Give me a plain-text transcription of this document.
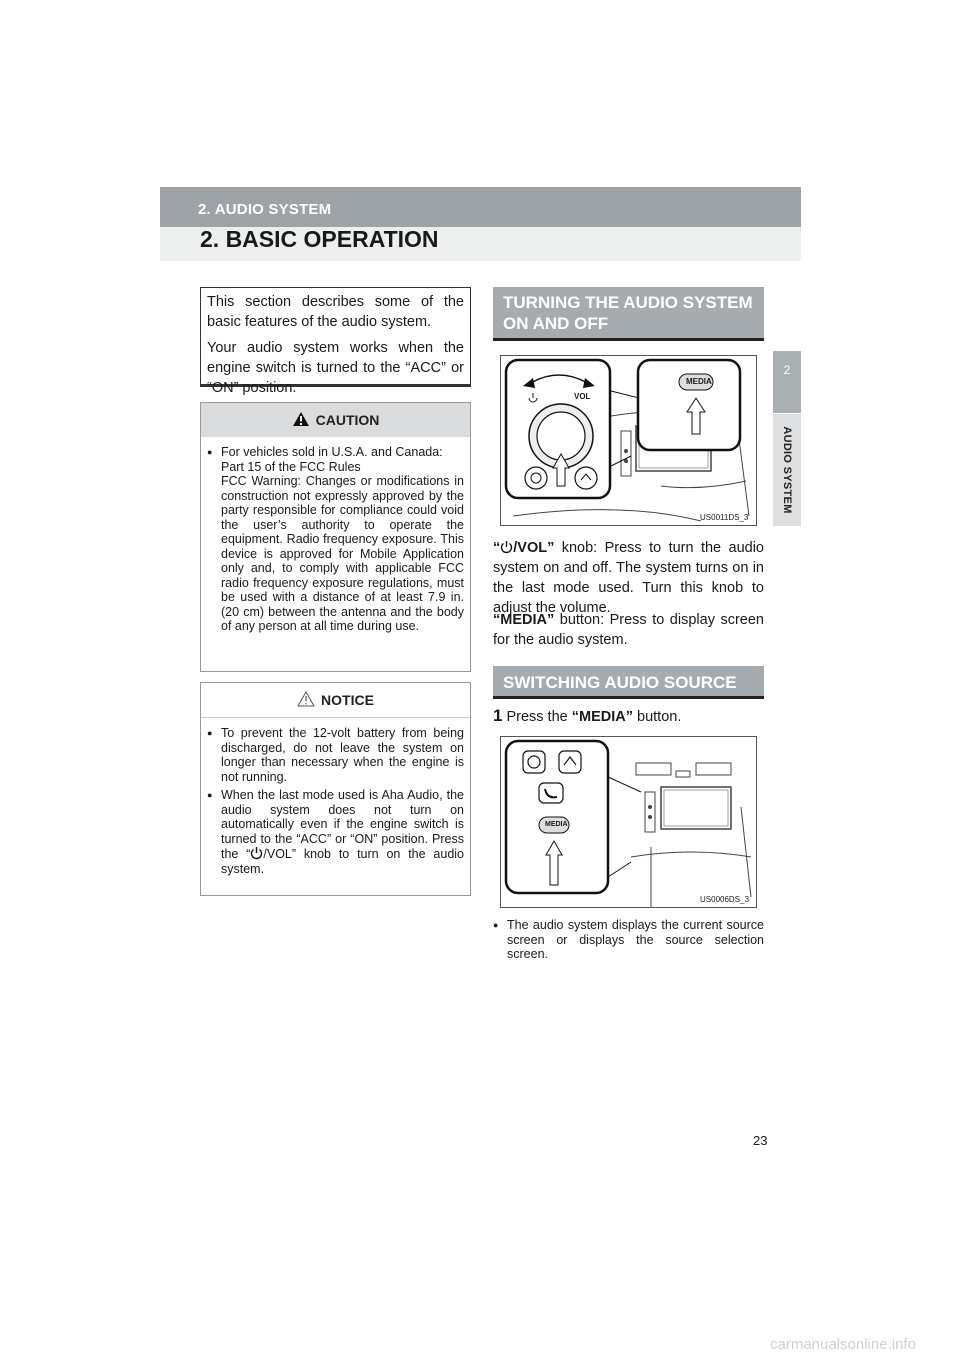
2. AUDIO SYSTEM
2. BASIC OPERATION
2
AUDIO SYSTEM

This section describes some of the basic features of the audio system.

Your audio system works when the engine switch is turned to the “ACC” or “ON” position.

CAUTION
● For vehicles sold in U.S.A. and Canada:
Part 15 of the FCC Rules
FCC Warning: Changes or modifications in construction not expressly approved by the party responsible for compliance could void the user’s authority to operate the equipment. Radio frequency exposure. This device is approved for Mobile Application only and, to comply with applicable FCC radio frequency exposure regulations, must be used with a distance of at least 7.9 in. (20 cm) between the antenna and the body of any person at all time during use.
NOTICE
● To prevent the 12-volt battery from being discharged, do not leave the system on longer than necessary when the engine is not running.
● When the last mode used is Aha Audio, the audio system does not turn on automatically even if the engine switch is turned to the “ACC” or “ON” position. Press the “ /VOL” knob to turn on the audio system.
TURNING THE AUDIO SYSTEM ON AND OFF
MEDIA
VOL
US0011DS_3
“ /VOL” knob: Press to turn the audio system on and off. The system turns on in the last mode used. Turn this knob to adjust the volume.
“MEDIA” button: Press to display screen for the audio system.
SWITCHING AUDIO SOURCE
1 Press the “MEDIA” button.
MEDIA
US0006DS_3
● The audio system displays the current source screen or displays the source selection screen.
23
carmanualsonline.info
